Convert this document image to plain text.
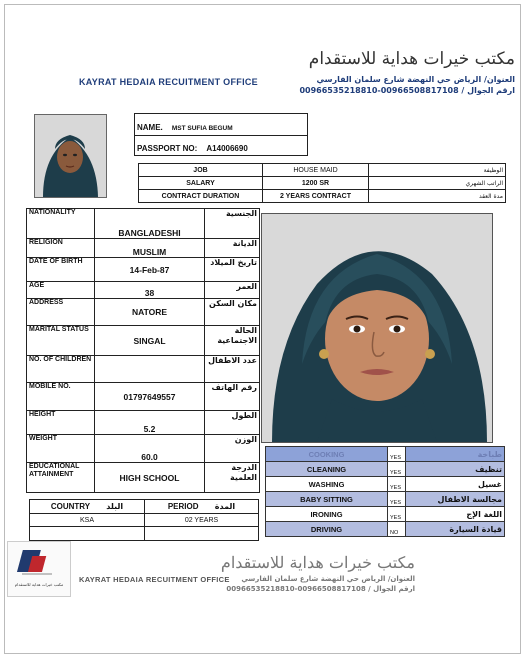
مكتب خيرات هداية للاستقدام
KAYRAT HEDAIA RECUITMENT OFFICE	العنوان/ الرياض حي النهضة شارع سلمان الفارسي
00966535218810-00966508817108 / ارقم الجوال
NAME. MST SUFIA BEGUM
PASSPORT NO: A14006690
JOB	HOUSE MAID	الوظيفة
SALARY	1200 SR	الراتب الشهري
CONTRACT DURATION	2 YEARS CONTRACT	مدة العقد
NATIONALITY	BANGLADESHI	الجنسية
RELIGION	MUSLIM	الديانة
DATE OF BIRTH	14-Feb-87	تاريخ الميلاد
AGE	38	العمر
ADDRESS	NATORE	مكان السكن
MARITAL STATUS	SINGAL	الحالة الاجتماعية
NO. OF CHILDREN		عدد الاطفال
MOBILE NO.	01797649557	رقم الهاتف
HEIGHT	5.2	الطول
WEIGHT	60.0	الوزن
EDUCATIONAL ATTAINMENT	HIGH SCHOOL	الدرجة العلمية
COOKING	YES	طباخة
CLEANING	YES	تنظيف
WASHING	YES	غسيل
BABY SITTING	YES	مجالسة الاطفال
IRONING	YES	اللغة الإج
DRIVING	NO	قيادة السيارة
COUNTRY البلد	PERIOD المدة
KSA	02 YEARS

مكتب خيرات هداية للاستقدام
مكتب خيرات هداية للاستقدام
KAYRAT HEDAIA RECUITMENT OFFICE	العنوان/ الرياض حي النهضة شارع سلمان الفارسي
00966535218810-00966508817108 / ارقم الجوال
